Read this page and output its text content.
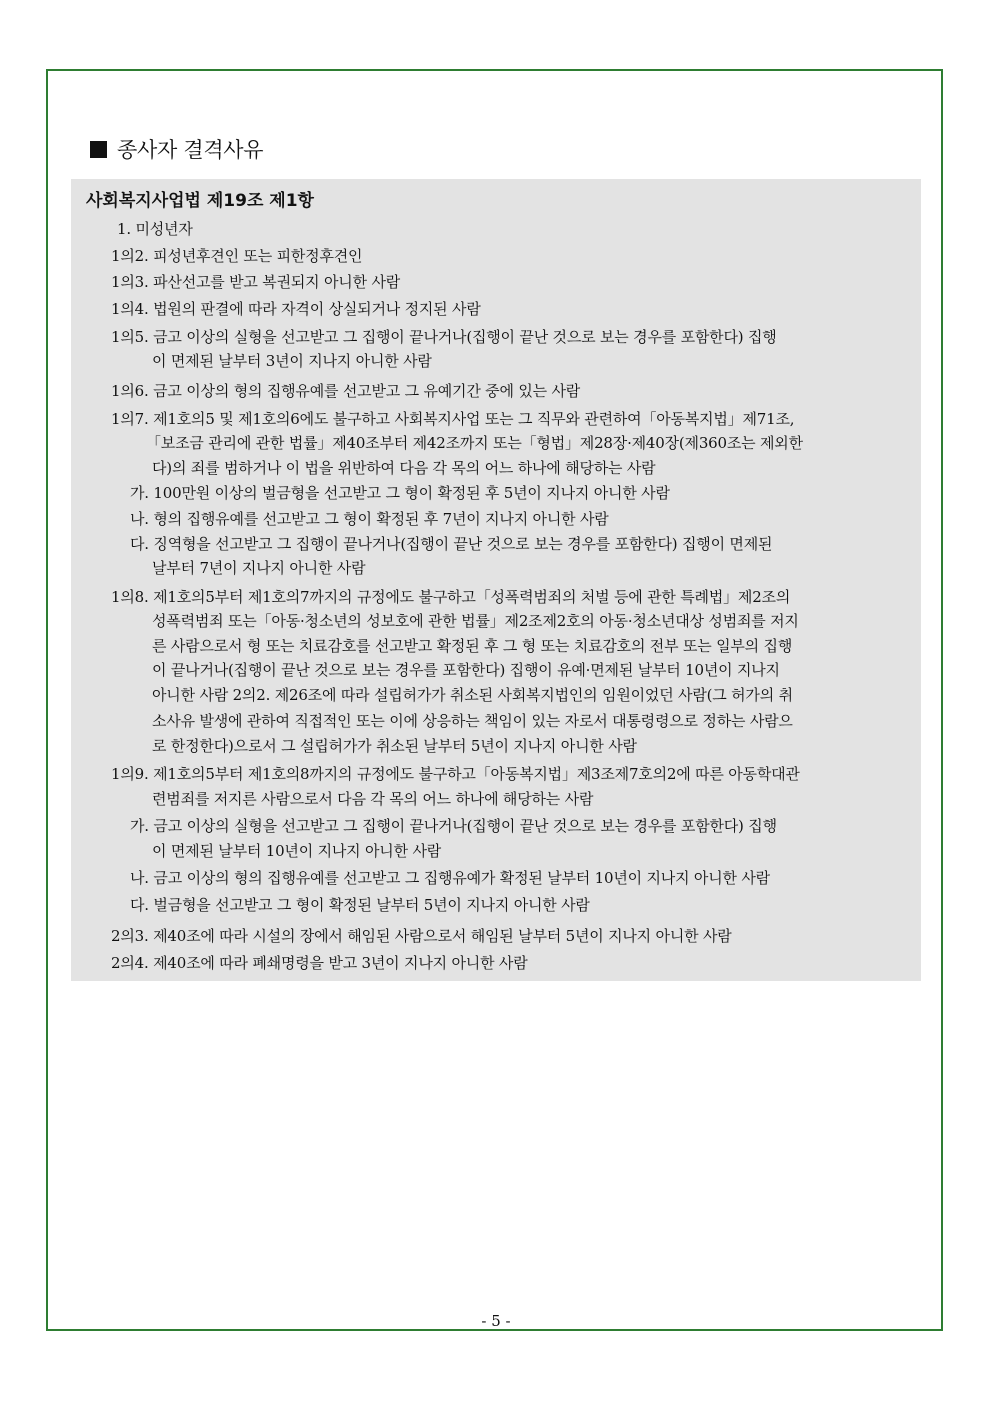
종사자 결격사유
사회복지사업법 제19조 제1항
1. 미성년자
1의2. 피성년후견인 또는 피한정후견인
1의3. 파산선고를 받고 복권되지 아니한 사람
1의4. 법원의 판결에 따라 자격이 상실되거나 정지된 사람
1의5. 금고 이상의 실형을 선고받고 그 집행이 끝나거나(집행이 끝난 것으로 보는 경우를 포함한다) 집행
이 면제된 날부터 3년이 지나지 아니한 사람
1의6. 금고 이상의 형의 집행유예를 선고받고 그 유예기간 중에 있는 사람
1의7. 제1호의5 및 제1호의6에도 불구하고 사회복지사업 또는 그 직무와 관련하여「아동복지법」제71조,
「보조금 관리에 관한 법률」제40조부터 제42조까지 또는「형법」제28장·제40장(제360조는 제외한
다)의 죄를 범하거나 이 법을 위반하여 다음 각 목의 어느 하나에 해당하는 사람
가. 100만원 이상의 벌금형을 선고받고 그 형이 확정된 후 5년이 지나지 아니한 사람
나. 형의 집행유예를 선고받고 그 형이 확정된 후 7년이 지나지 아니한 사람
다. 징역형을 선고받고 그 집행이 끝나거나(집행이 끝난 것으로 보는 경우를 포함한다) 집행이 면제된
날부터 7년이 지나지 아니한 사람
1의8. 제1호의5부터 제1호의7까지의 규정에도 불구하고「성폭력범죄의 처벌 등에 관한 특례법」제2조의
성폭력범죄 또는「아동·청소년의 성보호에 관한 법률」제2조제2호의 아동·청소년대상 성범죄를 저지
른 사람으로서 형 또는 치료감호를 선고받고 확정된 후 그 형 또는 치료감호의 전부 또는 일부의 집행
이 끝나거나(집행이 끝난 것으로 보는 경우를 포함한다) 집행이 유예·면제된 날부터 10년이 지나지
아니한 사람 2의2. 제26조에 따라 설립허가가 취소된 사회복지법인의 임원이었던 사람(그 허가의 취
소사유 발생에 관하여 직접적인 또는 이에 상응하는 책임이 있는 자로서 대통령령으로 정하는 사람으
로 한정한다)으로서 그 설립허가가 취소된 날부터 5년이 지나지 아니한 사람
1의9. 제1호의5부터 제1호의8까지의 규정에도 불구하고「아동복지법」제3조제7호의2에 따른 아동학대관
련범죄를 저지른 사람으로서 다음 각 목의 어느 하나에 해당하는 사람
가. 금고 이상의 실형을 선고받고 그 집행이 끝나거나(집행이 끝난 것으로 보는 경우를 포함한다) 집행
이 면제된 날부터 10년이 지나지 아니한 사람
나. 금고 이상의 형의 집행유예를 선고받고 그 집행유예가 확정된 날부터 10년이 지나지 아니한 사람
다. 벌금형을 선고받고 그 형이 확정된 날부터 5년이 지나지 아니한 사람
2의3. 제40조에 따라 시설의 장에서 해임된 사람으로서 해임된 날부터 5년이 지나지 아니한 사람
2의4. 제40조에 따라 폐쇄명령을 받고 3년이 지나지 아니한 사람
- 5 -
